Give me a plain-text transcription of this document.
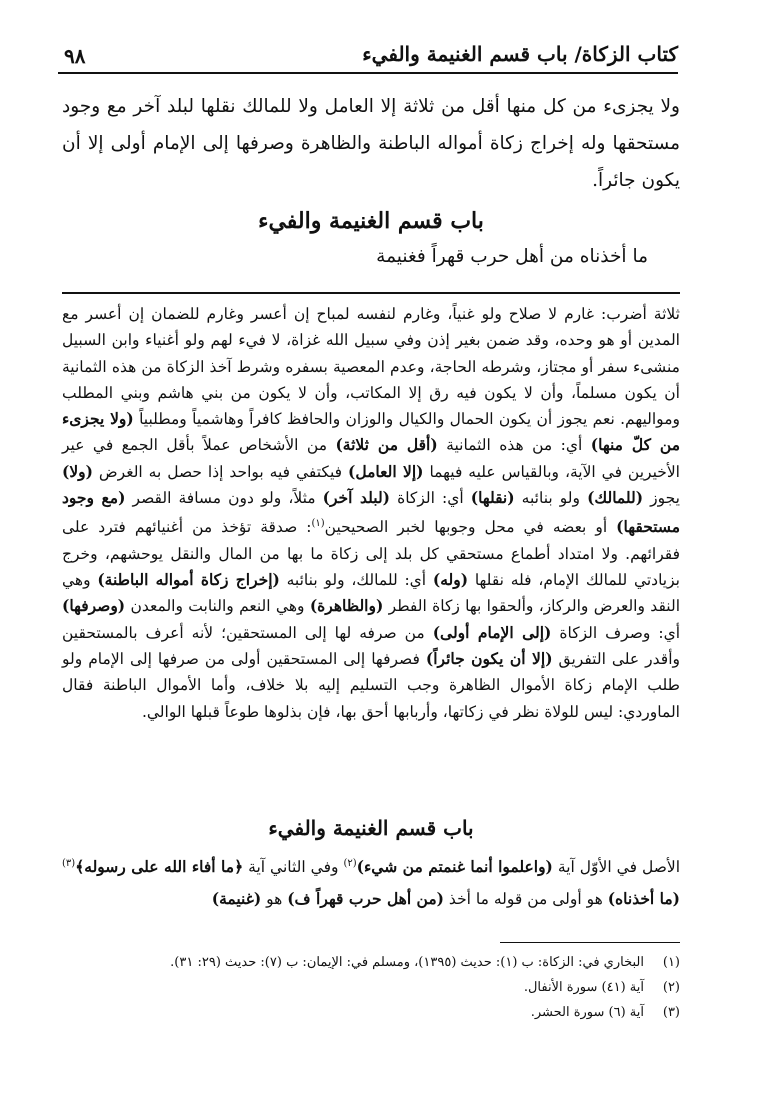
٩٨	كتاب الزكاة/ باب قسم الغنيمة والفيء
ولا يجزىء من كل منها أقل من ثلاثة إلا العامل ولا للمالك نقلها لبلد آخر مع وجود مستحقها وله إخراج زكاة أمواله الباطنة والظاهرة وصرفها إلى الإمام أولى إلا أن يكون جائراً.
باب قسم الغنيمة والفيء
ما أخذناه من أهل حرب قهراً فغنيمة

ثلاثة أضرب: غارم لا صلاح ولو غنياً، وغارم لنفسه لمباح إن أعسر وغارم للضمان إن أعسر مع المدين أو هو وحده، وقد ضمن بغير إذن وفي سبيل الله غزاة، لا فيء لهم ولو أغنياء وابن السبيل منشىء سفر أو مجتاز، وشرطه الحاجة، وعدم المعصية بسفره وشرط آخذ الزكاة من هذه الثمانية أن يكون مسلماً، وأن لا يكون فيه رق إلا المكاتب، وأن لا يكون من بني هاشم وبني المطلب ومواليهم. نعم يجوز أن يكون الحمال والكيال والوزان والحافظ كافراً وهاشمياً ومطلبياً (ولا يجزىء من كلّ منها) أي: من هذه الثمانية (أقل من ثلاثة) من الأشخاص عملاً بأقل الجمع في عير الأخيرين في الآية، وبالقياس عليه فيهما (إلا العامل) فيكتفي فيه بواحد إذا حصل به الغرض (ولا) يجوز (للمالك) ولو بنائبه (نقلها) أي: الزكاة (لبلد آخر) مثلاً، ولو دون مسافة القصر (مع وجود مستحقها) أو بعضه في محل وجوبها لخبر الصحيحين$^{(١)}$: صدقة تؤخذ من أغنيائهم فترد على فقرائهم. ولا امتداد أطماع مستحقي كل بلد إلى زكاة ما بها من المال والنقل يوحشهم، وخرج بزيادتي للمالك الإمام، فله نقلها (وله) أي: للمالك، ولو بنائبه (إخراج زكاة أمواله الباطنة) وهي النقد والعرض والركاز، وألحقوا بها زكاة الفطر (والظاهرة) وهي النعم والنابت والمعدن (وصرفها) أي: وصرف الزكاة (إلى الإمام أولى) من صرفه لها إلى المستحقين؛ لأنه أعرف بالمستحقين وأقدر على التفريق (إلا أن يكون جائراً) فصرفها إلى المستحقين أولى من صرفها إلى الإمام ولو طلب الإمام زكاة الأموال الظاهرة وجب التسليم إليه بلا خلاف، وأما الأموال الباطنة فقال الماوردي: ليس للولاة نظر في زكاتها، وأربابها أحق بها، فإن بذلوها طوعاً قبلها الوالي.

باب قسم الغنيمة والفيء

الأصل في الأوّل آية (واعلموا أنما غنمتم من شيء)$^{(٢)}$ وفي الثاني آية ﴿ما أفاء الله على رسوله﴾$^{(٣)}$ (ما أخذناه) هو أولى من قوله ما أخذ (من أهل حرب قهراً ف) هو (غنيمة)

(١)البخاري في: الزكاة: ب (١): حديث (١٣٩٥)، ومسلم في: الإيمان: ب (٧): حديث (٢٩: ٣١).
(٢)آية (٤١) سورة الأنفال.
(٣)آية (٦) سورة الحشر.
